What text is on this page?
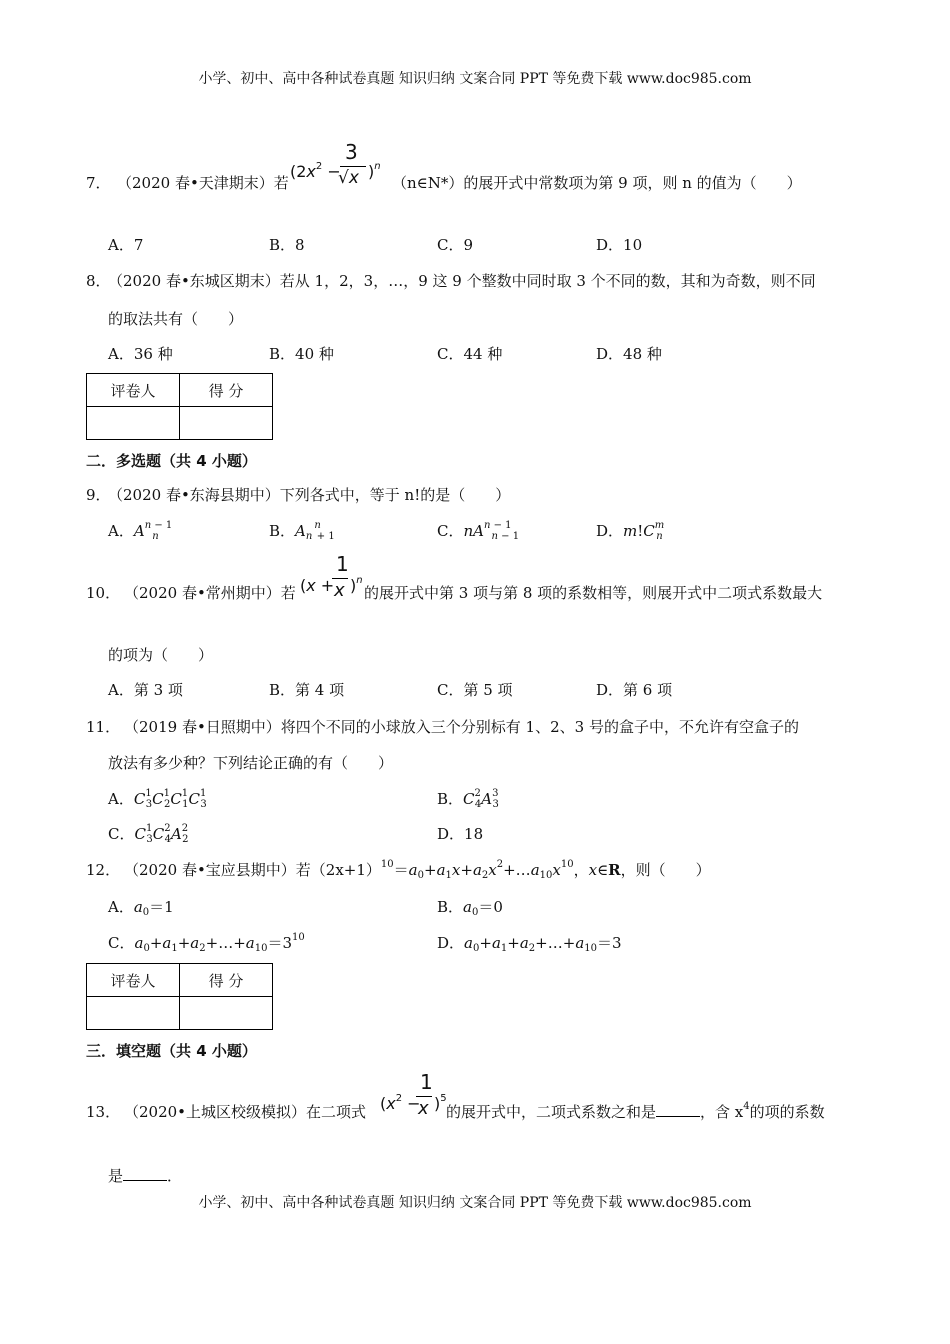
小学、初中、高中各种试卷真题 知识归纳 文案合同 PPT 等免费下载 www.doc985.com
7． （2020 春•天津期末）若
($2x^2$ −
3
√x )$^n$
（n∈N*）的展开式中常数项为第 9 项，则 n 的值为（　　）
A．7	B．8	C．9	D．10
8．
（2020 春•东城区期末）若从 1，2，3，…，9 这 9 个整数中同时取 3 个不同的数，其和为奇数，则不同
的取法共有（　　）
A．36 种	B．40 种	C．44 种	D．48 种
评卷人	得 分

二．多选题（共 4 小题）
9．
（2020 春•东海县期中）下列各式中，等于 n!的是（　　）
A．$A^{n - 1}_n$	B．$A_n^n_{+ 1}$	C．$nA^{n - 1}_{n - 1}$	D．$m!C^m_n$
10． （2020 春•常州期中）若 (x +
1
x )$^n$
的展开式中第 3 项与第 8 项的系数相等，则展开式中二项式系数最大
的项为（　　）
A．第 3 项	B．第 4 项	C．第 5 项	D．第 6 项
11． （2019 春•日照期中）将四个不同的小球放入三个分别标有 1、2、3 号的盒子中，不允许有空盒子的
放法有多少种？下列结论正确的有（　　）
A．$C^1_3C^1_2C^1_1C^1_3$	B．$C^2_4A^3_3$
C．$C^1_3C^2_4A^2_2$	D．18
12． （2020 春•宝应县期中）若$(2x+1)^{10}=a_0+a_1x+a_2x^2+\dots a_{10}x^{10}$，x∈R，则（　　）
A．$a_0=1$	B．$a_0=0$
C．$a_0+a_1+a_2+\dots+a_{10}=3^{10}$	D．$a_0+a_1+a_2+\dots+a_{10}=3$
评卷人	得 分

三．填空题（共 4 小题）
13． （2020•上城区校级模拟）在二项式 ($x^2$ −
1
x )$^5$
的展开式中，二项式系数之和是	，含 $x^4$的项的系数
是	．
小学、初中、高中各种试卷真题 知识归纳 文案合同 PPT 等免费下载 www.doc985.com
